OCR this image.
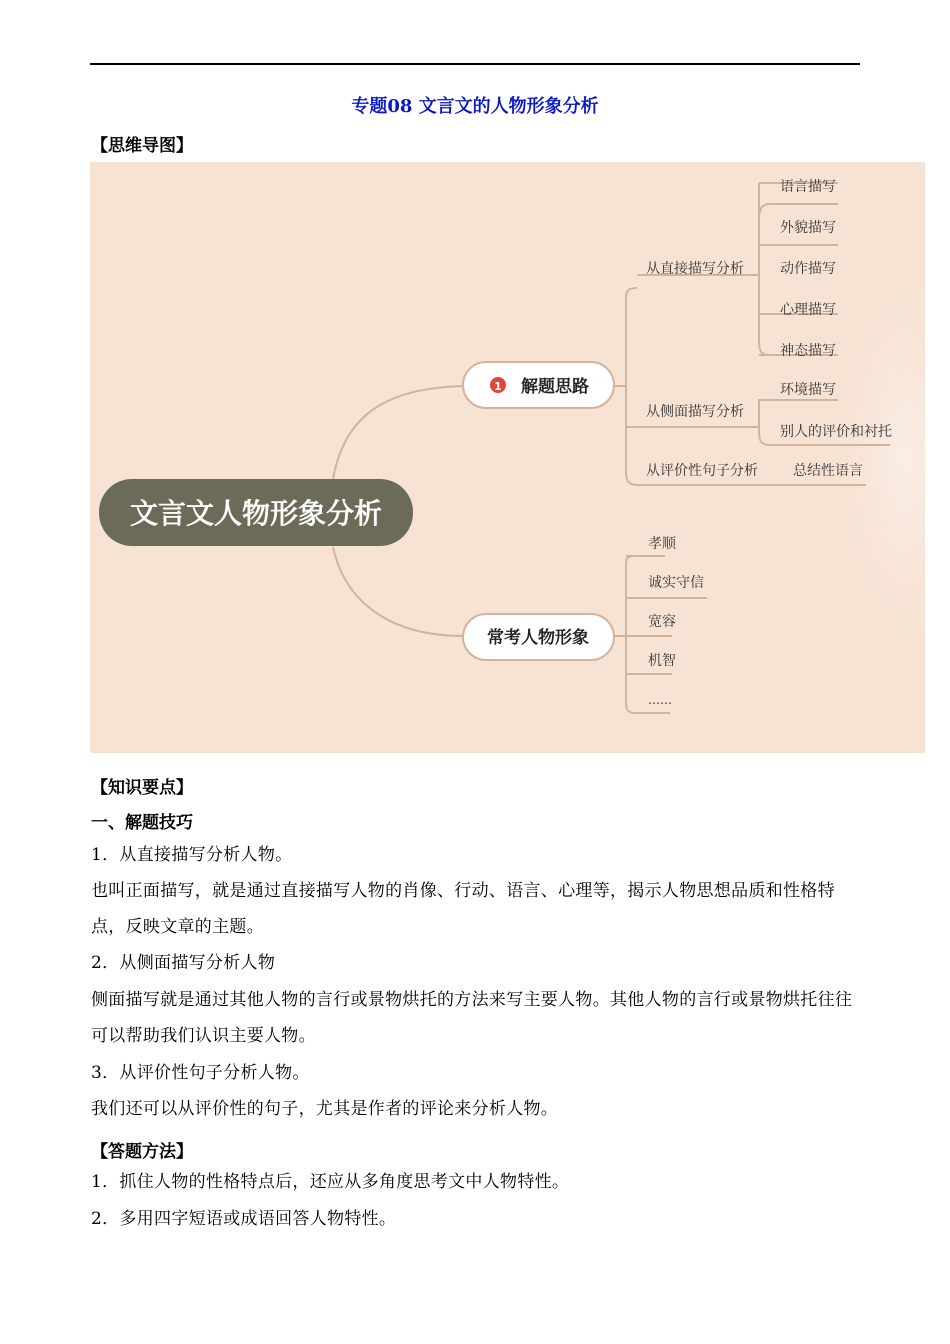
专题08 文言文的人物形象分析
【思维导图】
文言文人物形象分析
1 解题思路
常考人物形象
从直接描写分析
从侧面描写分析
从评价性句子分析
语言描写
外貌描写
动作描写
心理描写
神态描写
环境描写
别人的评价和衬托
总结性语言
孝顺
诚实守信
宽容
机智
……
【知识要点】
一、解题技巧
1．从直接描写分析人物。
也叫正面描写，就是通过直接描写人物的肖像、行动、语言、心理等，揭示人物思想品质和性格特点，反映文章的主题。
2．从侧面描写分析人物
侧面描写就是通过其他人物的言行或景物烘托的方法来写主要人物。其他人物的言行或景物烘托往往可以帮助我们认识主要人物。
3．从评价性句子分析人物。
我们还可以从评价性的句子，尤其是作者的评论来分析人物。
【答题方法】
1．抓住人物的性格特点后，还应从多角度思考文中人物特性。
2．多用四字短语或成语回答人物特性。
